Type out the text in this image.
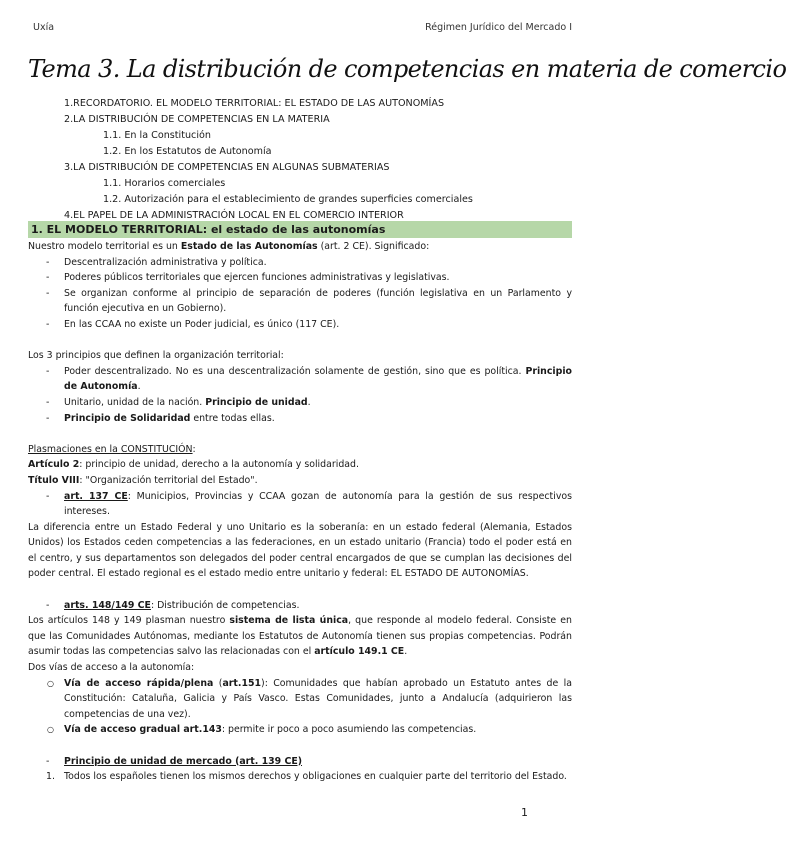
Uxía	Régimen Jurídico del Mercado I
Tema 3. La distribución de competencias en materia de comercio
1.RECORDATORIO. EL MODELO TERRITORIAL: EL ESTADO DE LAS AUTONOMÍAS
2.LA DISTRIBUCIÓN DE COMPETENCIAS EN LA MATERIA
1.1. En la Constitución
1.2. En los Estatutos de Autonomía
3.LA DISTRIBUCIÓN DE COMPETENCIAS EN ALGUNAS SUBMATERIAS
1.1. Horarios comerciales
1.2. Autorización para el establecimiento de grandes superficies comerciales
4.EL PAPEL DE LA ADMINISTRACIÓN LOCAL EN EL COMERCIO INTERIOR
1. EL MODELO TERRITORIAL: el estado de las autonomías

Nuestro modelo territorial es un Estado de las Autonomías (art. 2 CE). Significado:

- Descentralización administrativa y política.
- Poderes públicos territoriales que ejercen funciones administrativas y legislativas.
- Se organizan conforme al principio de separación de poderes (función legislativa en un Parlamento y función ejecutiva en un Gobierno).
- En las CCAA no existe un Poder judicial, es único (117 CE).

Los 3 principios que definen la organización territorial:

- Poder descentralizado. No es una descentralización solamente de gestión, sino que es política. Principio de Autonomía.
- Unitario, unidad de la nación. Principio de unidad.
- Principio de Solidaridad entre todas ellas.

Plasmaciones en la CONSTITUCIÓN:

Artículo 2: principio de unidad, derecho a la autonomía y solidaridad.

Título VIII: "Organización territorial del Estado".

- art. 137 CE: Municipios, Provincias y CCAA gozan de autonomía para la gestión de sus respectivos intereses.

La diferencia entre un Estado Federal y uno Unitario es la soberanía: en un estado federal (Alemania, Estados Unidos) los Estados ceden competencias a las federaciones, en un estado unitario (Francia) todo el poder está en el centro, y sus departamentos son delegados del poder central encargados de que se cumplan las decisiones del poder central. El estado regional es el estado medio entre unitario y federal: EL ESTADO DE AUTONOMÍAS.

- arts. 148/149 CE: Distribución de competencias.

Los artículos 148 y 149 plasman nuestro sistema de lista única, que responde al modelo federal. Consiste en que las Comunidades Autónomas, mediante los Estatutos de Autonomía tienen sus propias competencias. Podrán asumir todas las competencias salvo las relacionadas con el artículo 149.1 CE.

Dos vías de acceso a la autonomía:

○ Vía de acceso rápida/plena (art.151): Comunidades que habían aprobado un Estatuto antes de la Constitución: Cataluña, Galicia y País Vasco. Estas Comunidades, junto a Andalucía (adquirieron las competencias de una vez).
○ Vía de acceso gradual art.143: permite ir poco a poco asumiendo las competencias.
- Principio de unidad de mercado (art. 139 CE)
1. Todos los españoles tienen los mismos derechos y obligaciones en cualquier parte del territorio del Estado.
1
